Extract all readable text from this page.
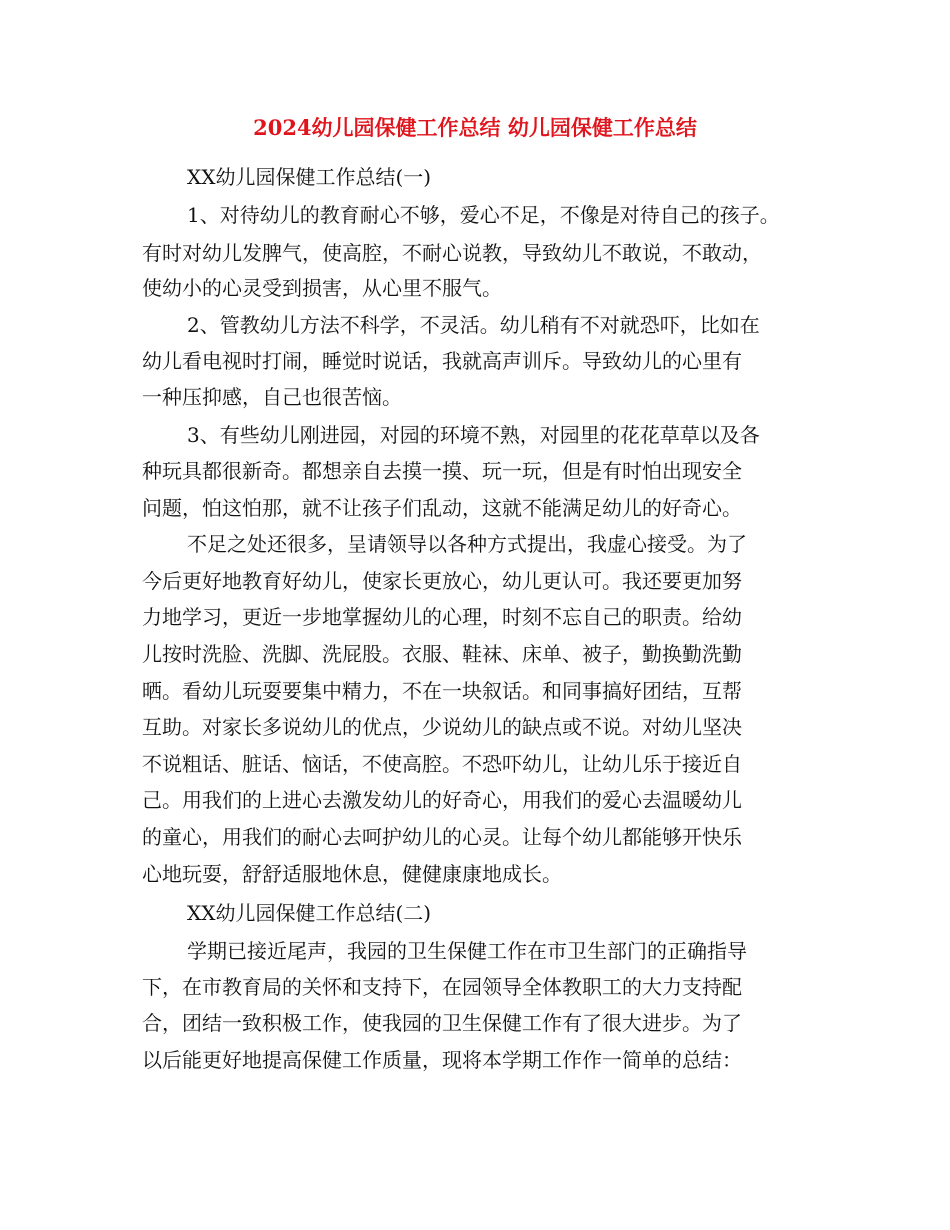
2024幼儿园保健工作总结 幼儿园保健工作总结
XX幼儿园保健工作总结(一)
1、对待幼儿的教育耐心不够，爱心不足，不像是对待自己的孩子。
有时对幼儿发脾气，使高腔，不耐心说教，导致幼儿不敢说，不敢动，
使幼小的心灵受到损害，从心里不服气。
2、管教幼儿方法不科学，不灵活。幼儿稍有不对就恐吓，比如在
幼儿看电视时打闹，睡觉时说话，我就高声训斥。导致幼儿的心里有
一种压抑感，自己也很苦恼。
3、有些幼儿刚进园，对园的环境不熟，对园里的花花草草以及各
种玩具都很新奇。都想亲自去摸一摸、玩一玩，但是有时怕出现安全
问题，怕这怕那，就不让孩子们乱动，这就不能满足幼儿的好奇心。
不足之处还很多，呈请领导以各种方式提出，我虚心接受。为了
今后更好地教育好幼儿，使家长更放心，幼儿更认可。我还要更加努
力地学习，更近一步地掌握幼儿的心理，时刻不忘自己的职责。给幼
儿按时洗脸、洗脚、洗屁股。衣服、鞋袜、床单、被子，勤换勤洗勤
晒。看幼儿玩耍要集中精力，不在一块叙话。和同事搞好团结，互帮
互助。对家长多说幼儿的优点，少说幼儿的缺点或不说。对幼儿坚决
不说粗话、脏话、恼话，不使高腔。不恐吓幼儿，让幼儿乐于接近自
己。用我们的上进心去激发幼儿的好奇心，用我们的爱心去温暖幼儿
的童心，用我们的耐心去呵护幼儿的心灵。让每个幼儿都能够开快乐
心地玩耍，舒舒适服地休息，健健康康地成长。
XX幼儿园保健工作总结(二)
学期已接近尾声，我园的卫生保健工作在市卫生部门的正确指导
下，在市教育局的关怀和支持下，在园领导全体教职工的大力支持配
合，团结一致积极工作，使我园的卫生保健工作有了很大进步。为了
以后能更好地提高保健工作质量，现将本学期工作作一简单的总结：
